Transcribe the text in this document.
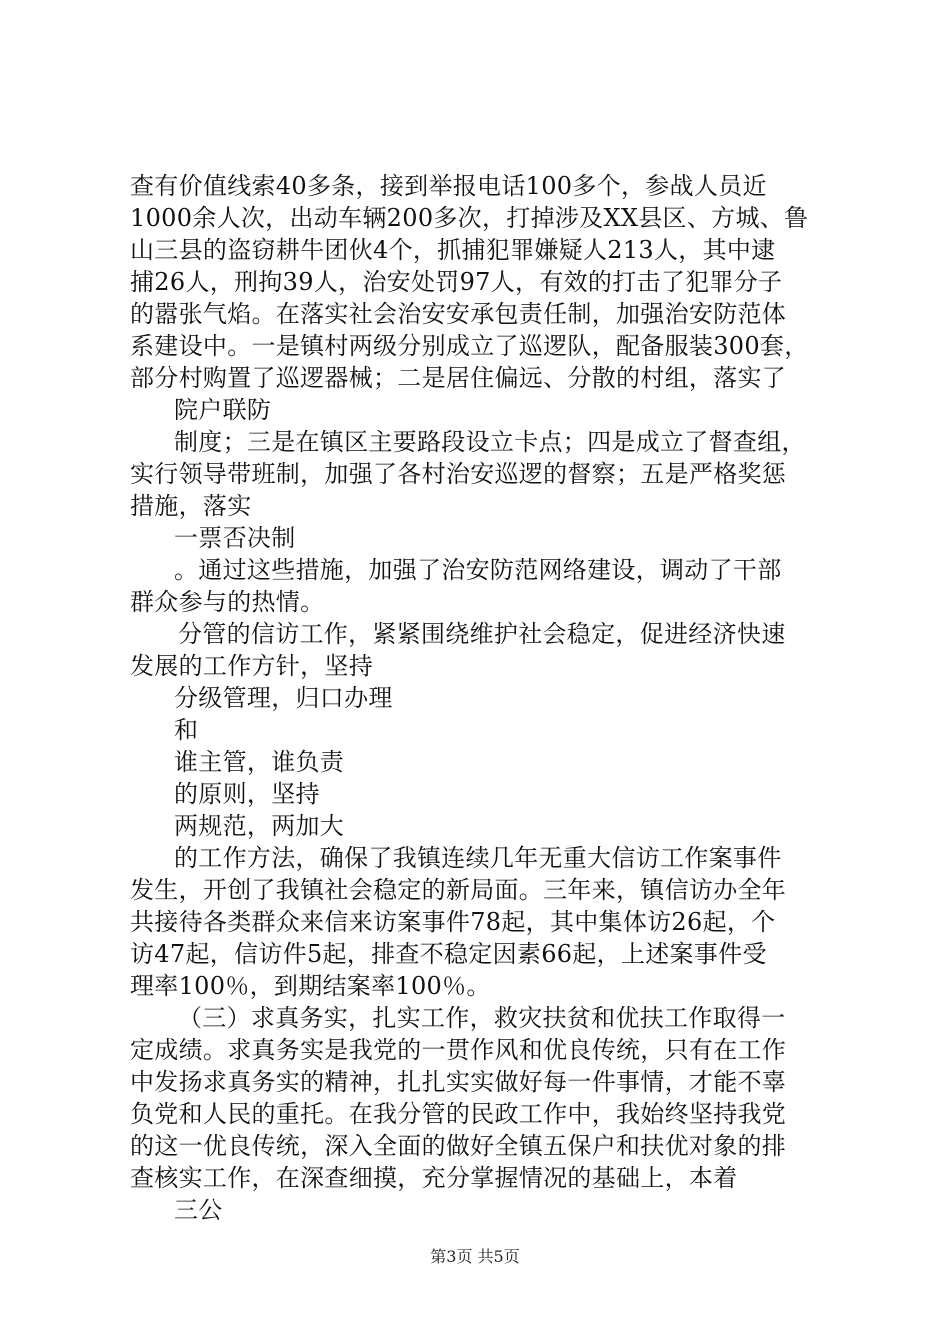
查有价值线索40多条，接到举报电话100多个，参战人员近
1000余人次，出动车辆200多次，打掉涉及XX县区、方城、鲁
山三县的盗窃耕牛团伙4个，抓捕犯罪嫌疑人213人，其中逮
捕26人，刑拘39人，治安处罚97人，有效的打击了犯罪分子
的嚣张气焰。在落实社会治安安承包责任制，加强治安防范体
系建设中。一是镇村两级分别成立了巡逻队，配备服装300套，
部分村购置了巡逻器械；二是居住偏远、分散的村组，落实了
院户联防
制度；三是在镇区主要路段设立卡点；四是成立了督查组，
实行领导带班制，加强了各村治安巡逻的督察；五是严格奖惩
措施，落实
一票否决制
。通过这些措施，加强了治安防范网络建设，调动了干部
群众参与的热情。
分管的信访工作，紧紧围绕维护社会稳定，促进经济快速
发展的工作方针，坚持
分级管理，归口办理
和
谁主管，谁负责
的原则，坚持
两规范，两加大
的工作方法，确保了我镇连续几年无重大信访工作案事件
发生，开创了我镇社会稳定的新局面。三年来，镇信访办全年
共接待各类群众来信来访案事件78起，其中集体访26起，个
访47起，信访件5起，排查不稳定因素66起，上述案事件受
理率100％，到期结案率100％。
（三）求真务实，扎实工作，救灾扶贫和优扶工作取得一
定成绩。求真务实是我党的一贯作风和优良传统，只有在工作
中发扬求真务实的精神，扎扎实实做好每一件事情，才能不辜
负党和人民的重托。在我分管的民政工作中，我始终坚持我党
的这一优良传统，深入全面的做好全镇五保户和扶优对象的排
查核实工作，在深查细摸，充分掌握情况的基础上，本着
三公
第3页 共5页
